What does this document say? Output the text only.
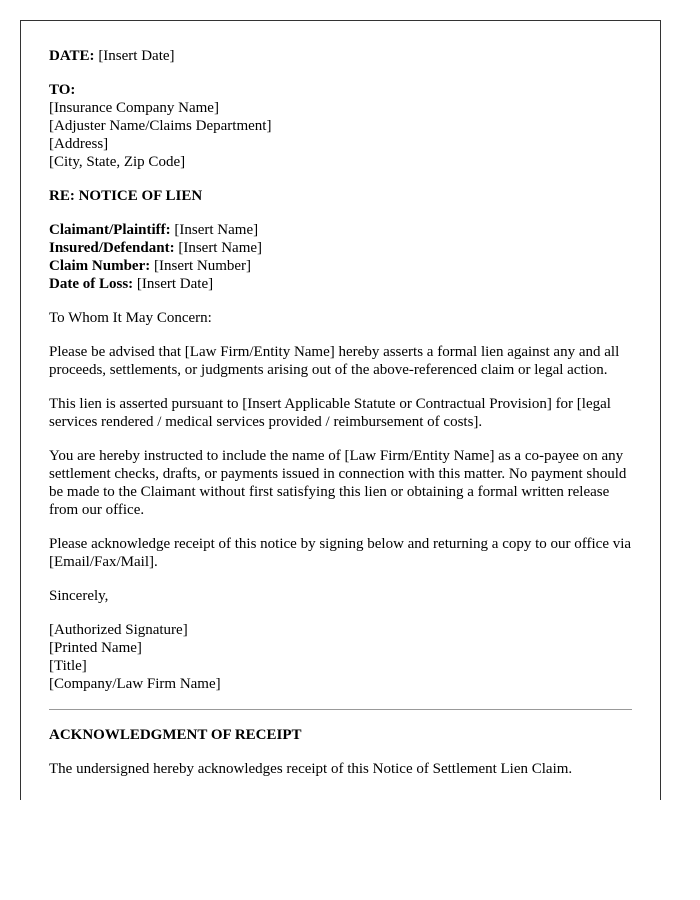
DATE: [Insert Date]

TO:
[Insurance Company Name]
[Adjuster Name/Claims Department]
[Address]
[City, State, Zip Code]

RE: NOTICE OF LIEN

Claimant/Plaintiff: [Insert Name]
Insured/Defendant: [Insert Name]
Claim Number: [Insert Number]
Date of Loss: [Insert Date]

To Whom It May Concern:

Please be advised that [Law Firm/Entity Name] hereby asserts a formal lien against any and all proceeds, settlements, or judgments arising out of the above-referenced claim or legal action.

This lien is asserted pursuant to [Insert Applicable Statute or Contractual Provision] for [legal services rendered / medical services provided / reimbursement of costs].

You are hereby instructed to include the name of [Law Firm/Entity Name] as a co-payee on any settlement checks, drafts, or payments issued in connection with this matter. No payment should be made to the Claimant without first satisfying this lien or obtaining a formal written release from our office.

Please acknowledge receipt of this notice by signing below and returning a copy to our office via [Email/Fax/Mail].

Sincerely,

[Authorized Signature]
[Printed Name]
[Title]
[Company/Law Firm Name]

ACKNOWLEDGMENT OF RECEIPT

The undersigned hereby acknowledges receipt of this Notice of Settlement Lien Claim.
